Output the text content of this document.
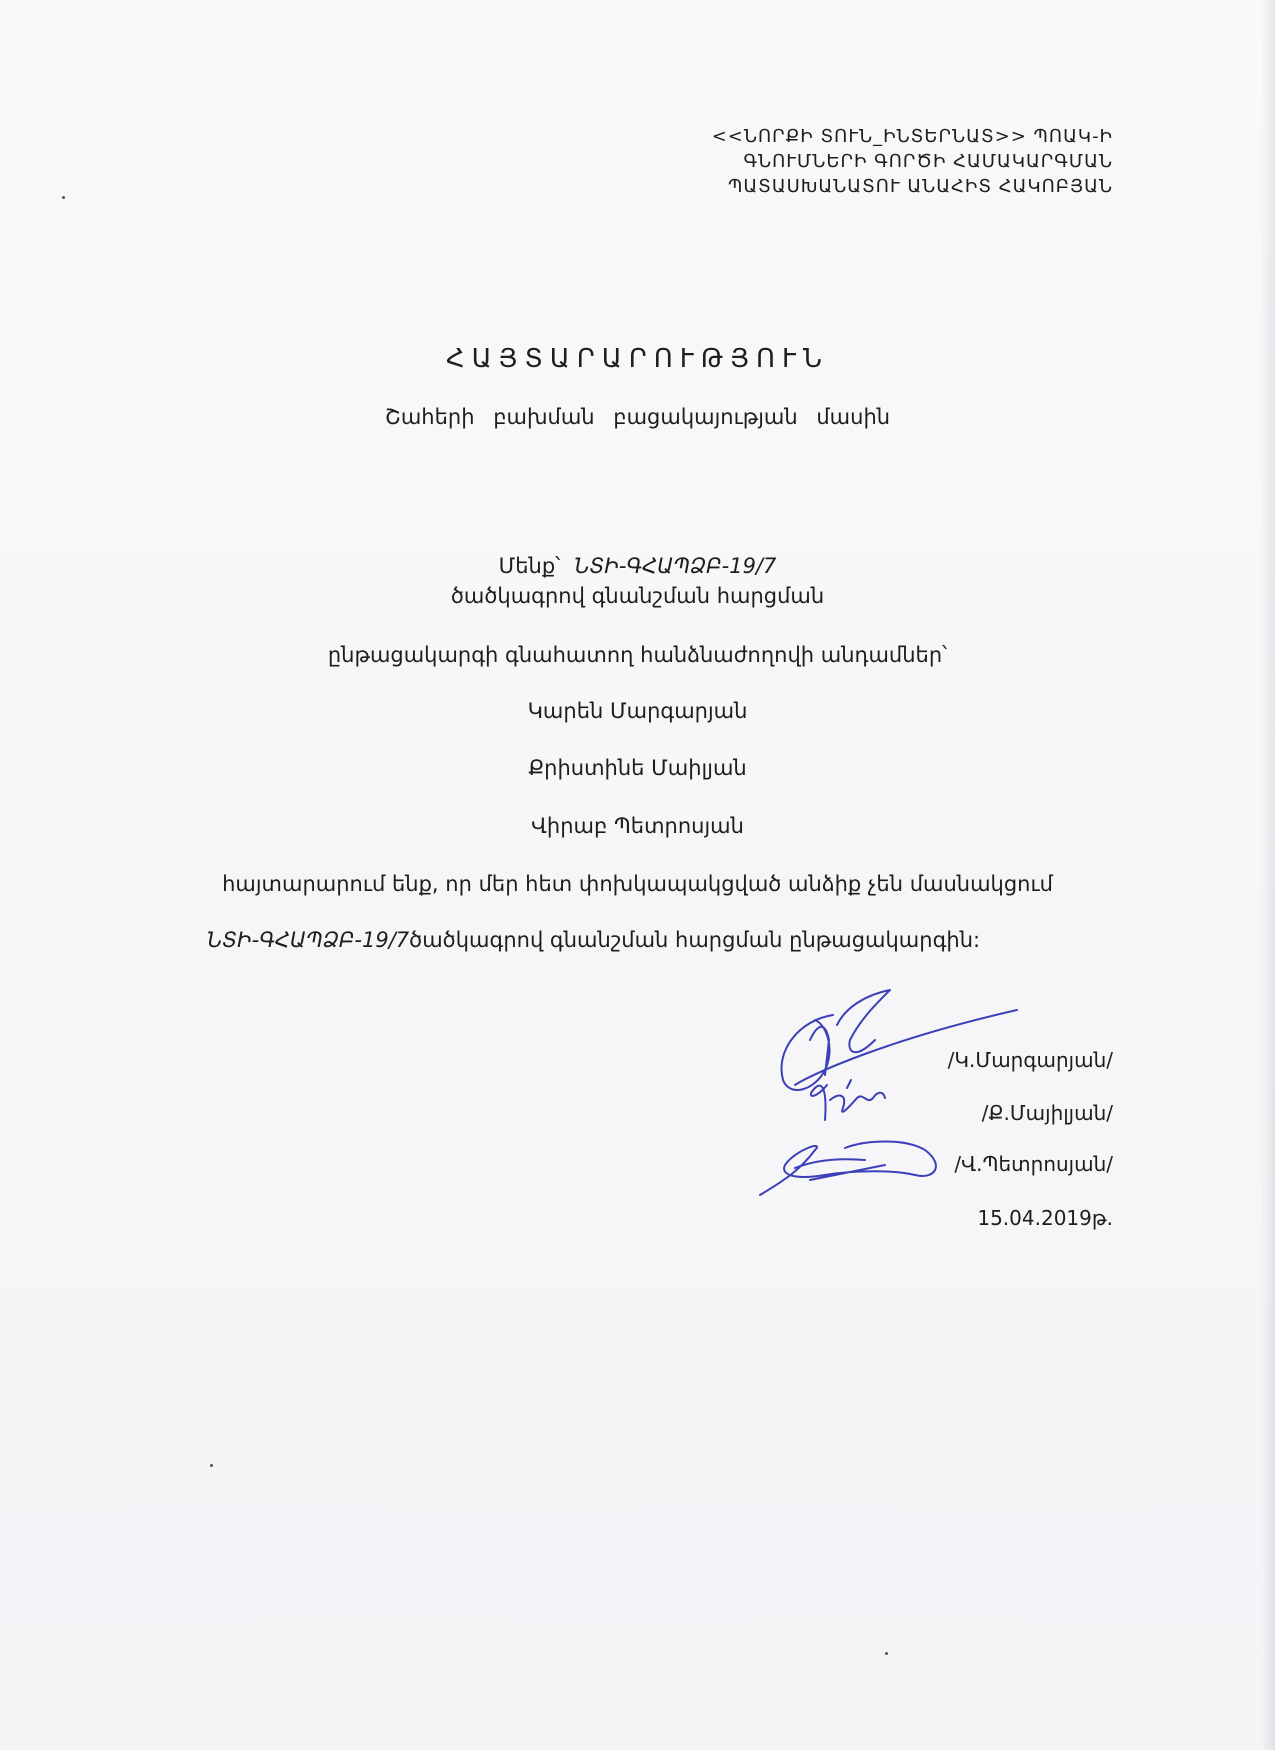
<<ՆՈՐՔԻ ՏՈՒՆ_ԻՆՏԵՐՆԱՏ>> ՊՈԱԿ-Ի
ԳՆՈՒՄՆԵՐԻ ԳՈՐԾԻ ՀԱՄԱԿԱՐԳՄԱՆ
ՊԱՏԱՍԽԱՆԱՏՈՒ ԱՆԱՀԻՏ ՀԱԿՈԲՅԱՆ
ՀԱՅՏԱՐԱՐՈՒԹՅՈՒՆ
Շահերի բախման բացակայության մասին
Մենք՝ ՆՏԻ-ԳՀԱՊՁԲ-19/7
ծածկագրով գնանշման հարցման
ընթացակարգի գնահատող հանձնաժողովի անդամներ՝
Կարեն Մարգարյան
Քրիստինե Մաիլյան
Վիրաբ Պետրոսյան
հայտարարում ենք, որ մեր հետ փոխկապակցված անձիք չեն մասնակցում
ՆՏԻ-ԳՀԱՊՁԲ-19/7ծածկագրով գնանշման հարցման ընթացակարգին:
/Կ.Մարգարյան/
/Ք.Մայիլյան/
/Վ.Պետրոսյան/
15.04.2019թ.
